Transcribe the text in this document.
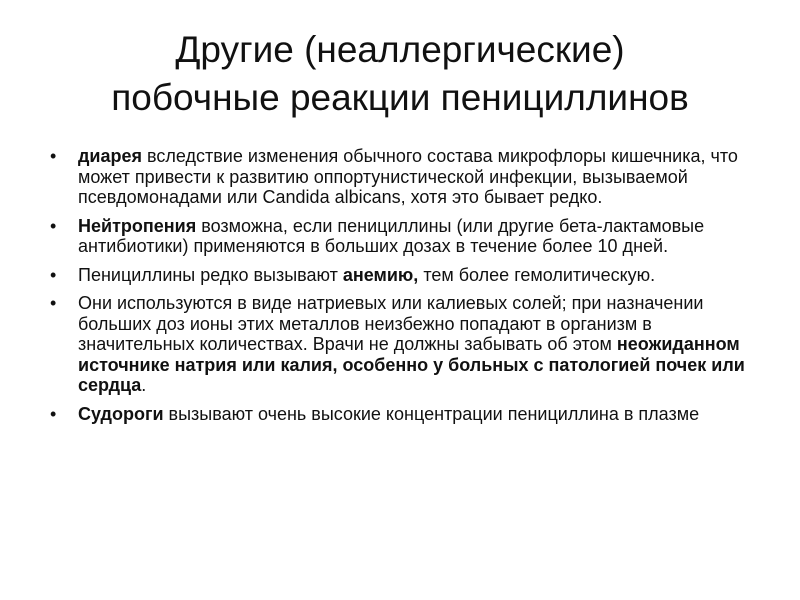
Другие (неаллергические)
побочные реакции пенициллинов
• диарея вследствие изменения обычного состава микрофлоры кишечника, что может привести к развитию оппортунистической инфекции, вызываемой псевдомонадами или Candida albicans, хотя это бывает редко.
• Нейтропения возможна, если пенициллины (или другие бета-лактамовые антибиотики) применяются в больших дозах в течение более 10 дней.
• Пенициллины редко вызывают анемию, тем более гемолитическую.
• Они используются в виде натриевых или калиевых солей; при назначении больших доз ионы этих металлов неизбежно попадают в организм в значительных количествах. Врачи не должны забывать об этом неожиданном источнике натрия или калия, особенно у больных с патологией почек или сердца.
• Судороги вызывают очень высокие концентрации пенициллина в плазме
